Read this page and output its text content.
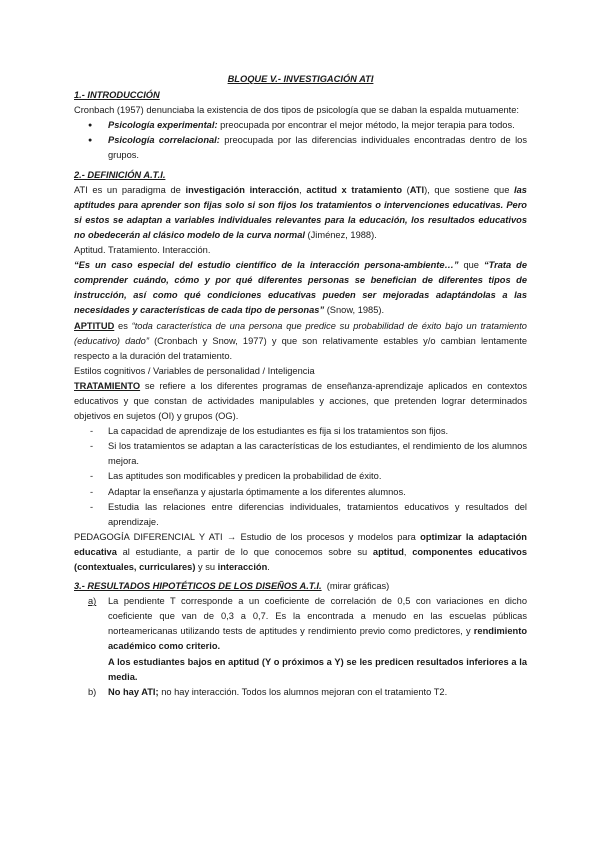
BLOQUE V.- INVESTIGACIÓN ATI

1.- INTRODUCCIÓN

Cronbach (1957) denunciaba la existencia de dos tipos de psicología que se daban la espalda mutuamente:

● Psicología experimental: preocupada por encontrar el mejor método, la mejor terapia para todos.
● Psicología correlacional: preocupada por las diferencias individuales encontradas dentro de los grupos.

2.- DEFINICIÓN A.T.I.

ATI es un paradigma de investigación interacción, actitud x tratamiento (ATI), que sostiene que las aptitudes para aprender son fijas solo si son fijos los tratamientos o intervenciones educativas. Pero si estos se adaptan a variables individuales relevantes para la educación, los resultados educativos no obedecerán al clásico modelo de la curva normal (Jiménez, 1988).

Aptitud. Tratamiento. Interacción.

“Es un caso especial del estudio científico de la interacción persona-ambiente…” que “Trata de comprender cuándo, cómo y por qué diferentes personas se benefician de diferentes tipos de instrucción, así como qué condiciones educativas pueden ser mejoradas adaptándolas a las necesidades y características de cada tipo de personas” (Snow, 1985).

APTITUD es “toda característica de una persona que predice su probabilidad de éxito bajo un tratamiento (educativo) dado” (Cronbach y Snow, 1977) y que son relativamente estables y/o cambian lentamente respecto a la duración del tratamiento.

Estilos cognitivos / Variables de personalidad / Inteligencia

TRATAMIENTO se refiere a los diferentes programas de enseñanza-aprendizaje aplicados en contextos educativos y que constan de actividades manipulables y acciones, que pretenden lograr determinados objetivos en sujetos (OI) y grupos (OG).

- La capacidad de aprendizaje de los estudiantes es fija si los tratamientos son fijos.
- Si los tratamientos se adaptan a las características de los estudiantes, el rendimiento de los alumnos mejora.
- Las aptitudes son modificables y predicen la probabilidad de éxito.
- Adaptar la enseñanza y ajustarla óptimamente a los diferentes alumnos.
- Estudia las relaciones entre diferencias individuales, tratamientos educativos y resultados del aprendizaje.

PEDAGOGÍA DIFERENCIAL Y ATI → Estudio de los procesos y modelos para optimizar la adaptación educativa al estudiante, a partir de lo que conocemos sobre su aptitud, componentes educativos (contextuales, curriculares) y su interacción.

3.- RESULTADOS HIPOTÉTICOS DE LOS DISEÑOS A.T.I.  (mirar gráficas)

a) La pendiente T corresponde a un coeficiente de correlación de 0,5 con variaciones en dicho coeficiente que van de 0,3 a 0,7. Es la encontrada a menudo en las escuelas públicas norteamericanas utilizando tests de aptitudes y rendimiento previo como predictores, y rendimiento académico como criterio.
A los estudiantes bajos en aptitud (Y o próximos a Y) se les predicen resultados inferiores a la media.
b) No hay ATI; no hay interacción. Todos los alumnos mejoran con el tratamiento T2.
